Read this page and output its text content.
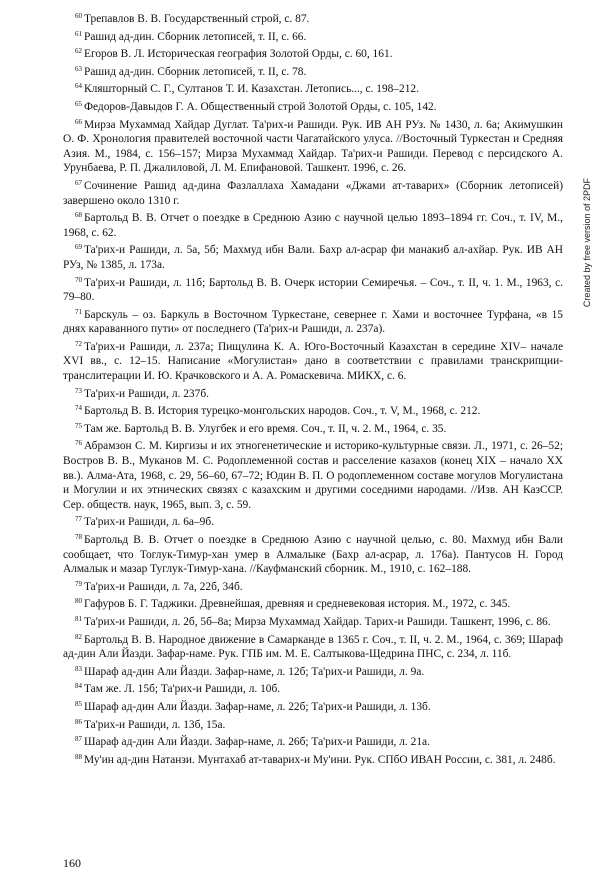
$^{60}$ Трепавлов В. В. Государственный строй, с. 87.

$^{61}$ Рашид ад-дин. Сборник летописей, т. II, с. 66.

$^{62}$ Егоров В. Л. Историческая география Золотой Орды, с. 60, 161.

$^{63}$ Рашид ад-дин. Сборник летописей, т. II, с. 78.

$^{64}$ Кляшторный С. Г., Султанов Т. И. Казахстан. Летопись..., с. 198–212.

$^{65}$ Федоров-Давыдов Г. А. Общественный строй Золотой Орды, с. 105, 142.

$^{66}$ Мирза Мухаммад Хайдар Дуглат. Та'рих-и Рашиди. Рук. ИВ АН РУз. № 1430, л. 6а; Акимушкин О. Ф. Хронология правителей восточной части Чагатайского улуса. //Восточный Туркестан и Средняя Азия. М., 1984, с. 156–157; Мирза Мухаммад Хайдар. Та'рих-и Рашиди. Перевод с персидского А. Урунбаева, Р. П. Джалиловой, Л. М. Епифановой. Ташкент. 1996, с. 26.

$^{67}$ Сочинение Рашид ад-дина Фазлаллаха Хамадани «Джами ат-таварих» (Сборник летописей) завершено около 1310 г.

$^{68}$ Бартольд В. В. Отчет о поездке в Среднюю Азию с научной целью 1893–1894 гг. Соч., т. IV, М., 1968, с. 62.

$^{69}$ Та'рих-и Рашиди, л. 5а, 5б; Махмуд ибн Вали. Бахр ал-асрар фи манакиб ал-ахйар. Рук. ИВ АН РУз, № 1385, л. 173а.

$^{70}$ Та'рих-и Рашиди, л. 11б; Бартольд В. В. Очерк истории Семиречья. – Соч., т. II, ч. 1. М., 1963, с. 79–80.

$^{71}$ Барскуль – оз. Баркуль в Восточном Туркестане, севернее г. Хами и восточнее Турфана, «в 15 днях караванного пути» от последнего (Та'рих-и Рашиди, л. 237а).

$^{72}$ Та'рих-и Рашиди, л. 237а; Пищулина К. А. Юго-Восточный Казахстан в середине XIV– начале XVI вв., с. 12–15. Написание «Могулистан» дано в соответствии с правилами транскрипции-транслитерации И. Ю. Крачковского и А. А. Ромаскевича. МИКХ, с. 6.

$^{73}$ Та'рих-и Рашиди, л. 237б.

$^{74}$ Бартольд В. В. История турецко-монгольских народов. Соч., т. V, М., 1968, с. 212.

$^{75}$ Там же. Бартольд В. В. Улугбек и его время. Соч., т. II, ч. 2. М., 1964, с. 35.

$^{76}$ Абрамзон С. М. Киргизы и их этногенетические и историко-культурные связи. Л., 1971, с. 26–52; Востров В. В., Муканов М. С. Родоплеменной состав и расселение казахов (конец XIX – начало XX вв.). Алма-Ата, 1968, с. 29, 56–60, 67–72; Юдин В. П. О родоплеменном составе могулов Могулистана и Могулии и их этнических связях с казахским и другими соседними народами. //Изв. АН КазССР. Сер. обществ. наук, 1965, вып. 3, с. 59.

$^{77}$ Та'рих-и Рашиди, л. 6а–9б.

$^{78}$ Бартольд В. В. Отчет о поездке в Среднюю Азию с научной целью, с. 80. Махмуд ибн Вали сообщает, что Тоглук-Тимур-хан умер в Алмалыке (Бахр ал-асрар, л. 176а). Пантусов Н. Город Алмалык и мазар Туглук-Тимур-хана. //Кауфманский сборник. М., 1910, с. 162–188.

$^{79}$ Та'рих-и Рашиди, л. 7а, 22б, 34б.

$^{80}$ Гафуров Б. Г. Таджики. Древнейшая, древняя и средневековая история. М., 1972, с. 345.

$^{81}$ Та'рих-и Рашиди, л. 2б, 5б–8а; Мирза Мухаммад Хайдар. Тарих-и Рашиди. Ташкент, 1996, с. 86.

$^{82}$ Бартольд В. В. Народное движение в Самарканде в 1365 г. Соч., т. II, ч. 2. М., 1964, с. 369; Шараф ад-дин Али Йазди. Зафар-наме. Рук. ГПБ им. М. Е. Салтыкова-Щедрина ПНС, с. 234, л. 11б.

$^{83}$ Шараф ад-дин Али Йазди. Зафар-наме, л. 12б; Та'рих-и Рашиди, л. 9а.

$^{84}$ Там же. Л. 15б; Та'рих-и Рашиди, л. 10б.

$^{85}$ Шараф ад-дин Али Йазди. Зафар-наме, л. 22б; Та'рих-и Рашиди, л. 13б.

$^{86}$ Та'рих-и Рашиди, л. 13б, 15а.

$^{87}$ Шараф ад-дин Али Йазди. Зафар-наме, л. 26б; Та'рих-и Рашиди, л. 21а.

$^{88}$ Му'ин ад-дин Натанзи. Мунтахаб ат-таварих-и Му'ини. Рук. СПбО ИВАН России, с. 381, л. 248б.

160
Created by free version of 2PDF
